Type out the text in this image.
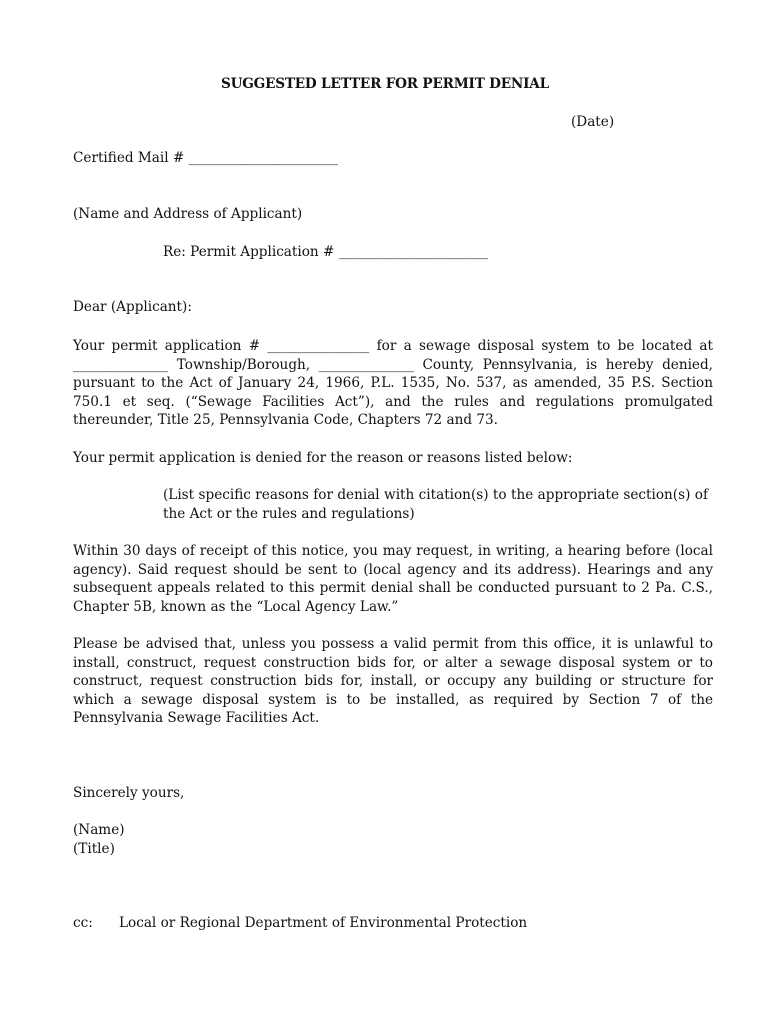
SUGGESTED LETTER FOR PERMIT DENIAL
(Date)
Certified Mail # ______________________
(Name and Address of Applicant)
Re: Permit Application # ______________________
Dear (Applicant):

Your permit application # _______________ for a sewage disposal system to be located at ______________ Township/Borough, ______________ County, Pennsylvania, is hereby denied, pursuant to the Act of January 24, 1966, P.L. 1535, No. 537, as amended, 35 P.S. Section 750.1 et seq. (“Sewage Facilities Act”), and the rules and regulations promulgated thereunder, Title 25, Pennsylvania Code, Chapters 72 and 73.

Your permit application is denied for the reason or reasons listed below:

(List specific reasons for denial with citation(s) to the appropriate section(s) of the Act or the rules and regulations)

Within 30 days of receipt of this notice, you may request, in writing, a hearing before (local agency). Said request should be sent to (local agency and its address). Hearings and any subsequent appeals related to this permit denial shall be conducted pursuant to 2 Pa. C.S., Chapter 5B, known as the “Local Agency Law.”

Please be advised that, unless you possess a valid permit from this office, it is unlawful to install, construct, request construction bids for, or alter a sewage disposal system or to construct, request construction bids for, install, or occupy any building or structure for which a sewage disposal system is to be installed, as required by Section 7 of the Pennsylvania Sewage Facilities Act.

Sincerely yours,
(Name)
(Title)
cc: Local or Regional Department of Environmental Protection
